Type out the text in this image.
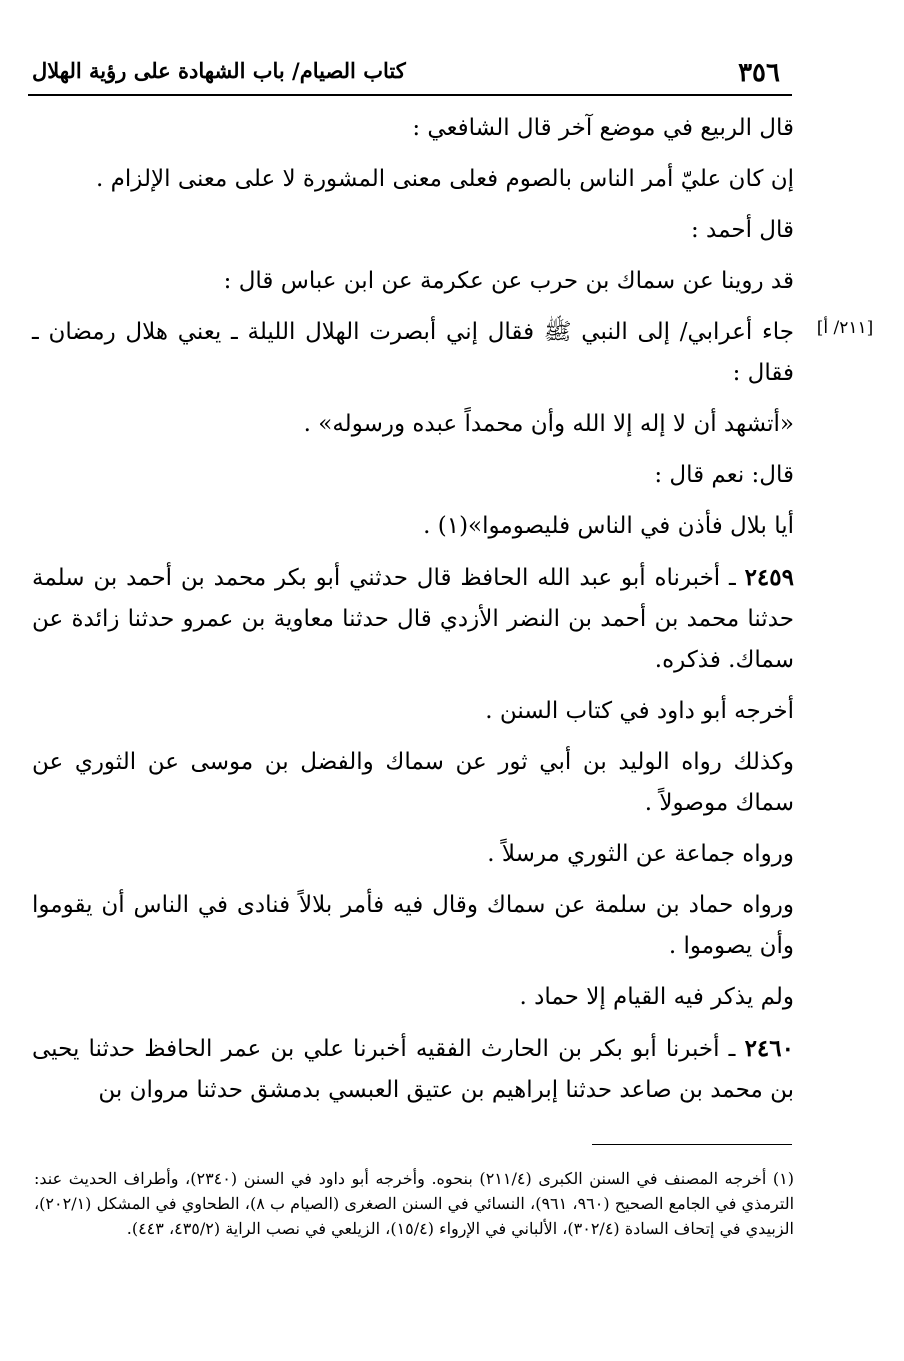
٣٥٦
كتاب الصيام/ باب الشهادة على رؤية الهلال
[٢١١/ أ]

قال الربيع في موضع آخر قال الشافعي :

إن كان عليّ أمر الناس بالصوم فعلى معنى المشورة لا على معنى الإلزام .

قال أحمد :

قد روينا عن سماك بن حرب عن عكرمة عن ابن عباس قال :

جاء أعرابي/ إلى النبي ﷺ فقال إني أبصرت الهلال الليلة ـ يعني هلال رمضان ـ فقال :

«أتشهد أن لا إله إلا الله وأن محمداً عبده ورسوله» .

قال: نعم قال :

أيا بلال فأذن في الناس فليصوموا»(١) .

٢٤٥٩ ـ أخبرناه أبو عبد الله الحافظ قال حدثني أبو بكر محمد بن أحمد بن سلمة حدثنا محمد بن أحمد بن النضر الأزدي قال حدثنا معاوية بن عمرو حدثنا زائدة عن سماك. فذكره.

أخرجه أبو داود في كتاب السنن .

وكذلك رواه الوليد بن أبي ثور عن سماك والفضل بن موسى عن الثوري عن سماك موصولاً .

ورواه جماعة عن الثوري مرسلاً .

ورواه حماد بن سلمة عن سماك وقال فيه فأمر بلالاً فنادى في الناس أن يقوموا وأن يصوموا .

ولم يذكر فيه القيام إلا حماد .

٢٤٦٠ ـ أخبرنا أبو بكر بن الحارث الفقيه أخبرنا علي بن عمر الحافظ حدثنا يحيى بن محمد بن صاعد حدثنا إبراهيم بن عتيق العبسي بدمشق حدثنا مروان بن

(١) أخرجه المصنف في السنن الكبرى (٢١١/٤) بنحوه. وأخرجه أبو داود في السنن (٢٣٤٠)، وأطراف الحديث عند: الترمذي في الجامع الصحيح (٩٦٠، ٩٦١)، النسائي في السنن الصغرى (الصيام ب ٨)، الطحاوي في المشكل (٢٠٢/١)، الزبيدي في إتحاف السادة (٣٠٢/٤)، الألباني في الإرواء (١٥/٤)، الزيلعي في نصب الراية (٤٣٥/٢، ٤٤٣).
